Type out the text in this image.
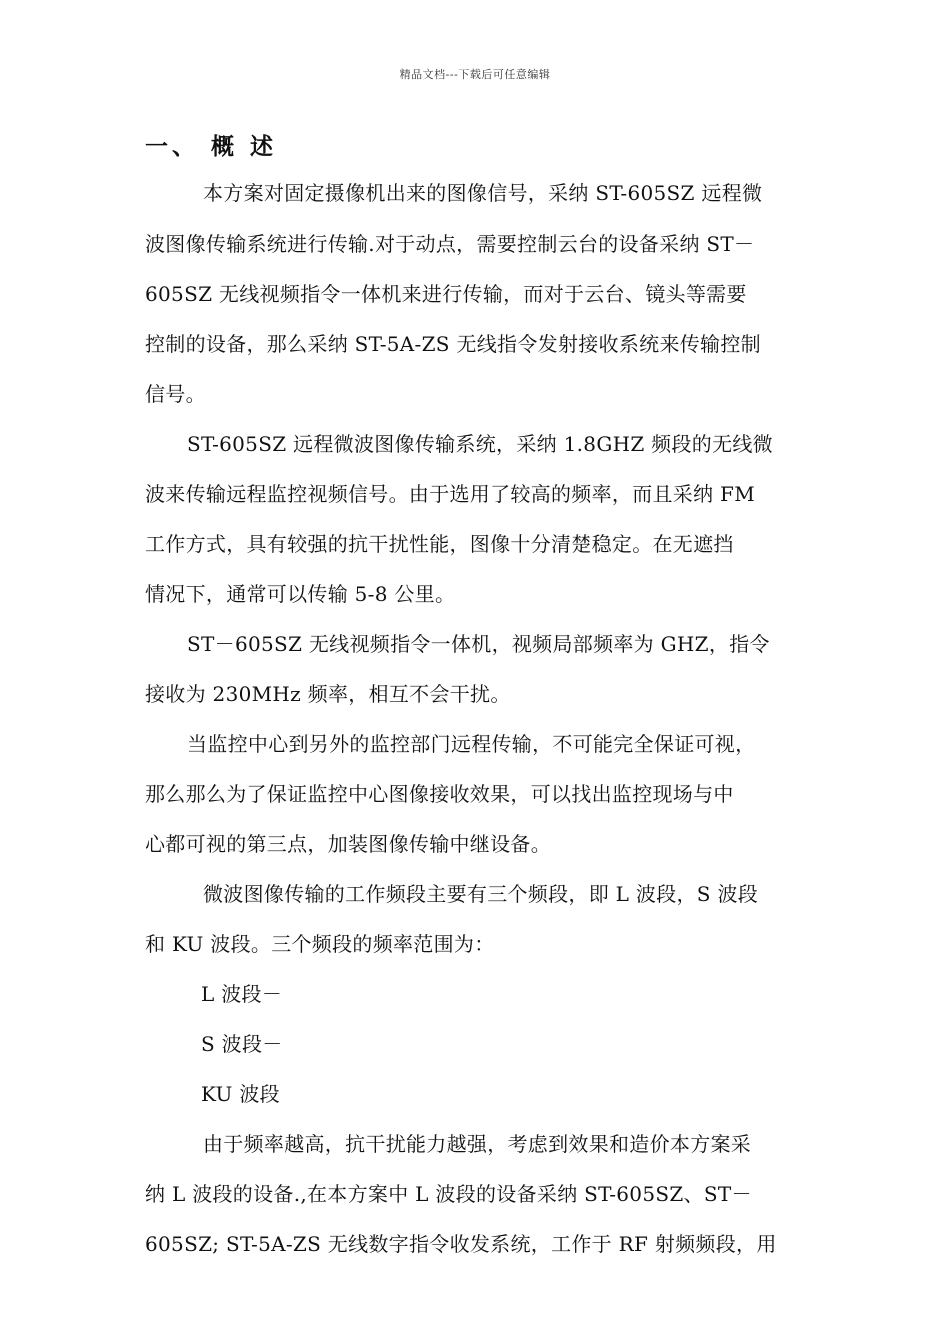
精品文档---下载后可任意编辑
一、 概 述
本方案对固定摄像机出来的图像信号，采纳 ST-605SZ 远程微
波图像传输系统进行传输.对于动点，需要控制云台的设备采纳 ST－
605SZ 无线视频指令一体机来进行传输，而对于云台、镜头等需要
控制的设备，那么采纳 ST-5A-ZS 无线指令发射接收系统来传输控制
信号。
ST-605SZ 远程微波图像传输系统，采纳 1.8GHZ 频段的无线微
波来传输远程监控视频信号。由于选用了较高的频率，而且采纳 FM
工作方式，具有较强的抗干扰性能，图像十分清楚稳定。在无遮挡
情况下，通常可以传输 5-8 公里。
ST－605SZ 无线视频指令一体机，视频局部频率为 GHZ，指令
接收为 230MHz 频率，相互不会干扰。
当监控中心到另外的监控部门远程传输，不可能完全保证可视，
那么那么为了保证监控中心图像接收效果，可以找出监控现场与中
心都可视的第三点，加装图像传输中继设备。
微波图像传输的工作频段主要有三个频段，即 L 波段，S 波段
和 KU 波段。三个频段的频率范围为：
L 波段－
S 波段－
KU 波段
由于频率越高，抗干扰能力越强，考虑到效果和造价本方案采
纳 L 波段的设备.,在本方案中 L 波段的设备采纳 ST-605SZ、ST－
605SZ; ST-5A-ZS 无线数字指令收发系统，工作于 RF 射频频段，用
